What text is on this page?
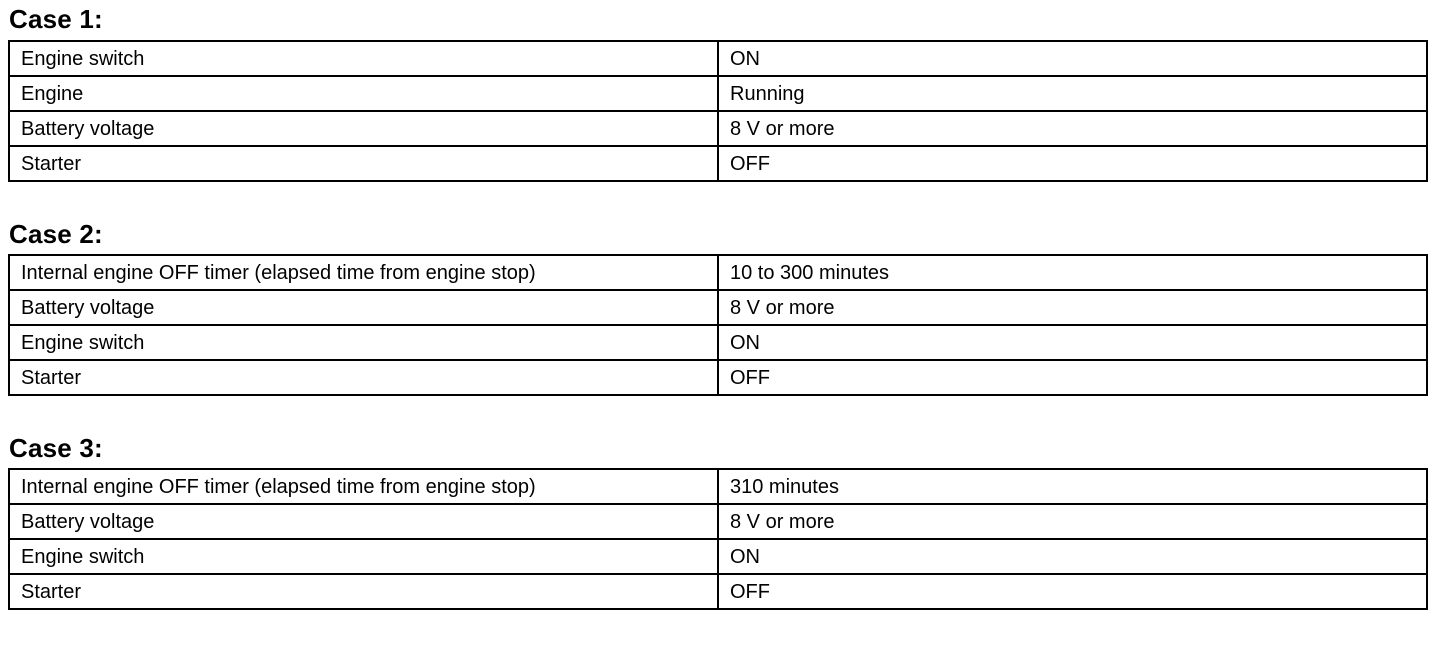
Case 1:
Engine switch	ON
Engine	Running
Battery voltage	8 V or more
Starter	OFF
Case 2:
Internal engine OFF timer (elapsed time from engine stop)	10 to 300 minutes
Battery voltage	8 V or more
Engine switch	ON
Starter	OFF
Case 3:
Internal engine OFF timer (elapsed time from engine stop)	310 minutes
Battery voltage	8 V or more
Engine switch	ON
Starter	OFF
